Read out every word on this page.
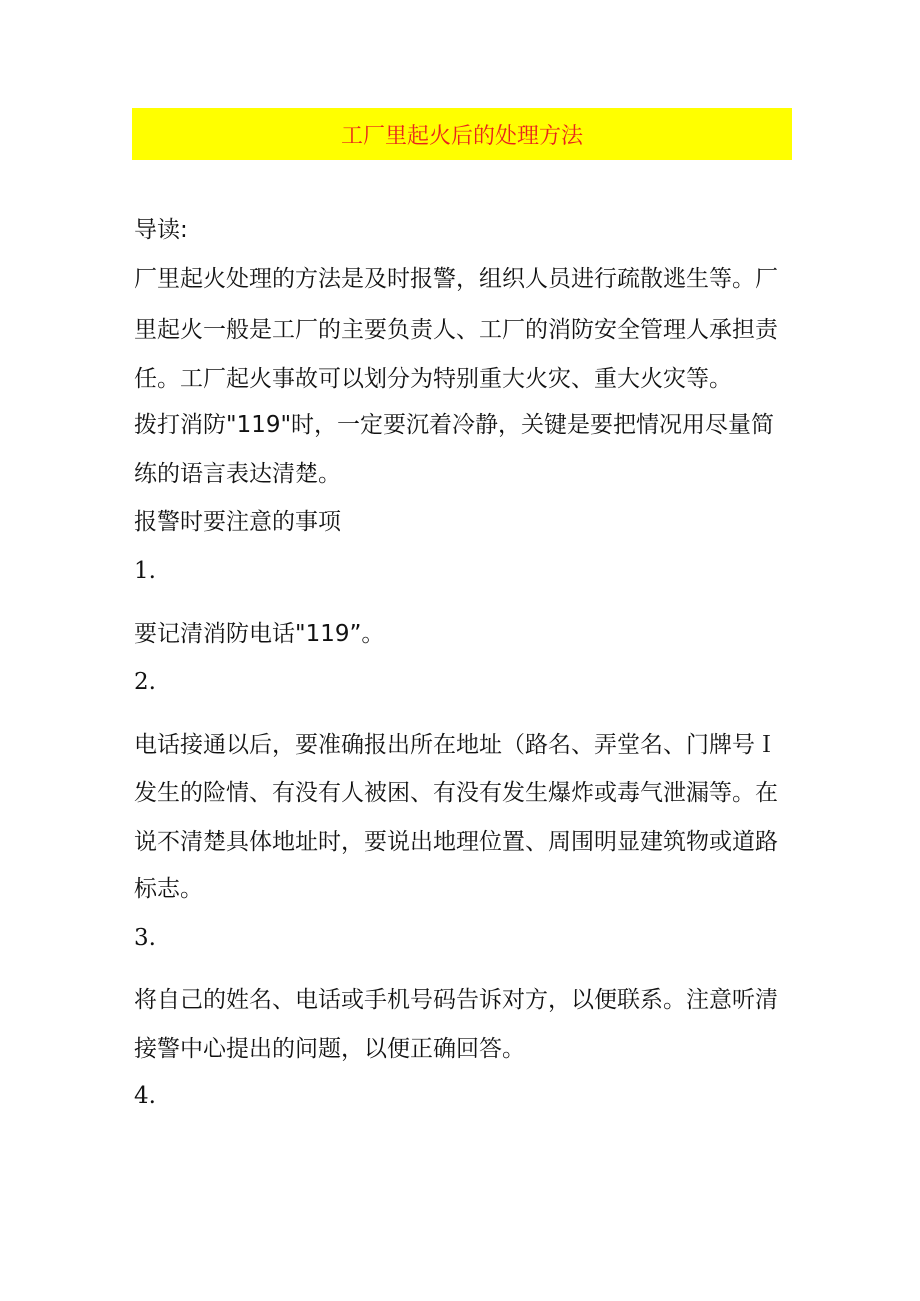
工厂里起火后的处理方法
导读:
厂里起火处理的方法是及时报警，组织人员进行疏散逃生等。厂
里起火一般是工厂的主要负责人、工厂的消防安全管理人承担责
任。工厂起火事故可以划分为特别重大火灾、重大火灾等。
拨打消防"119"时，一定要沉着冷静，关键是要把情况用尽量简
练的语言表达清楚。
报警时要注意的事项
1.
要记清消防电话"119”。
2.
电话接通以后，要准确报出所在地址（路名、弄堂名、门牌号Ｉ
发生的险情、有没有人被困、有没有发生爆炸或毒气泄漏等。在
说不清楚具体地址时，要说出地理位置、周围明显建筑物或道路
标志。
3.
将自己的姓名、电话或手机号码告诉对方，以便联系。注意听清
接警中心提出的问题，以便正确回答。
4.
